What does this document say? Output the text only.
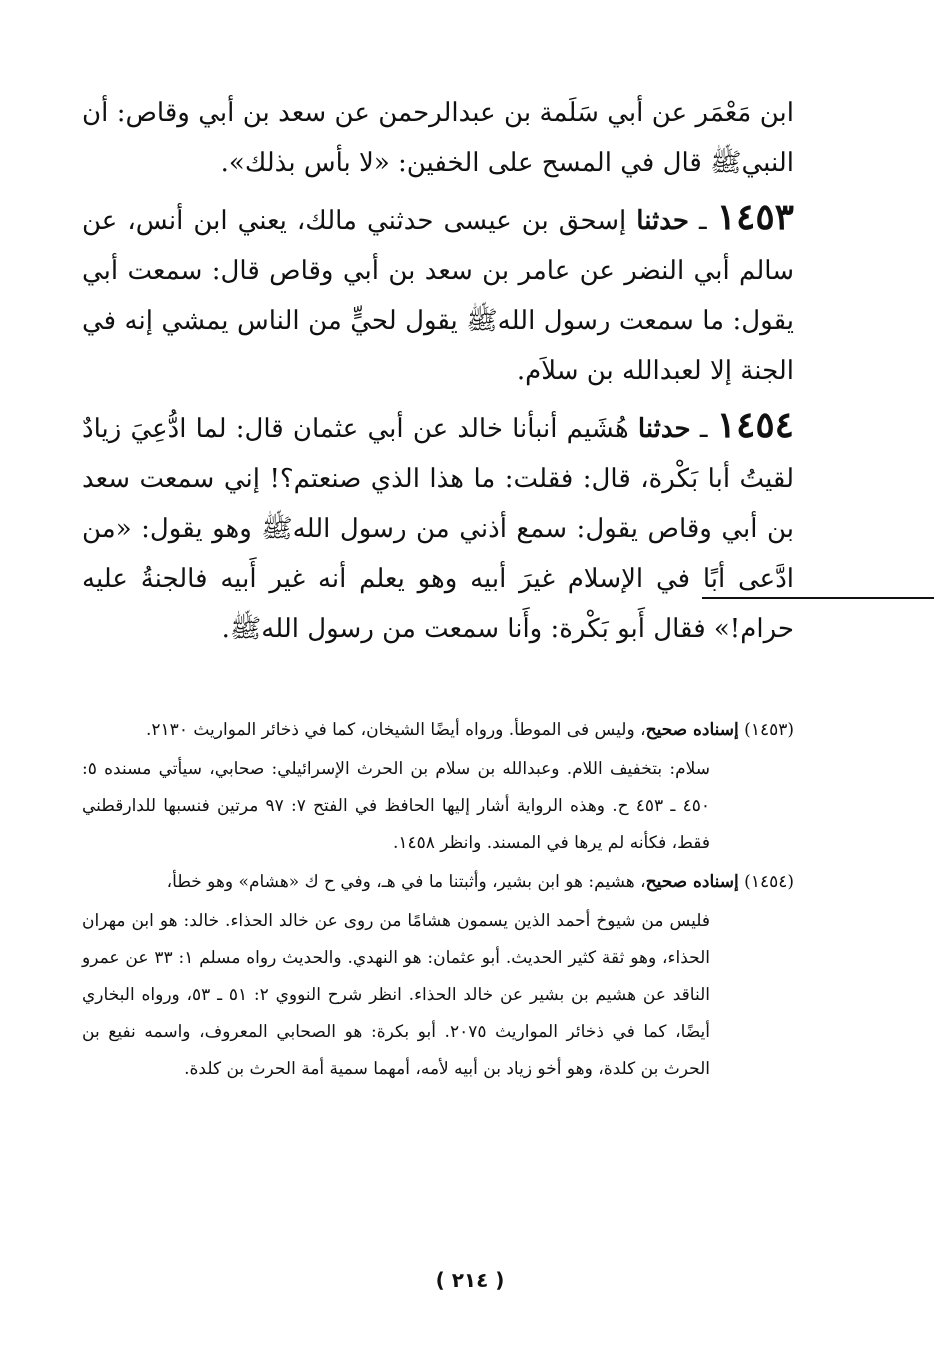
ابن مَعْمَر عن أبي سَلَمة بن عبدالرحمن عن سعد بن أبي وقاص: أن النبيﷺ قال في المسح على الخفين: «لا بأس بذلك».

١٤٥٣ ـ حدثنا إسحق بن عيسى حدثني مالك، يعني ابن أنس، عن سالم أبي النضر عن عامر بن سعد بن أبي وقاص قال: سمعت أبي يقول: ما سمعت رسول اللهﷺ يقول لحيٍّ من الناس يمشي إنه في الجنة إلا لعبدالله بن سلاَم.

١٤٥٤ ـ حدثنا هُشَيم أنبأنا خالد عن أبي عثمان قال: لما ادُّعِيَ زيادٌ لقيتُ أبا بَكْرة، قال: فقلت: ما هذا الذي صنعتم؟! إني سمعت سعد بن أبي وقاص يقول: سمع أذني من رسول اللهﷺ وهو يقول: «من ادَّعى أبًا في الإسلام غيرَ أبيه وهو يعلم أنه غير أَبيه فالجنةُ عليه حرام!» فقال أَبو بَكْرة: وأَنا سمعت من رسول اللهﷺ.

(١٤٥٣) إسناده صحيح، وليس فى الموطأ. ورواه أيضًا الشيخان، كما في ذخائر المواريث ٢١٣٠.

سلام: بتخفيف اللام. وعبدالله بن سلام بن الحرث الإسرائيلي: صحابي، سيأتي مسنده ٥: ٤٥٠ ـ ٤٥٣ ح. وهذه الرواية أشار إليها الحافظ في الفتح ٧: ٩٧ مرتين فنسبها للدارقطني فقط، فكأنه لم يرها في المسند. وانظر ١٤٥٨.

(١٤٥٤) إسناده صحيح، هشيم: هو ابن بشير، وأثبتنا ما في هـ، وفي ح ك «هشام» وهو خطأ،

فليس من شيوخ أحمد الذين يسمون هشامًا من روى عن خالد الحذاء. خالد: هو ابن مهران الحذاء، وهو ثقة كثير الحديث. أبو عثمان: هو النهدي. والحديث رواه مسلم ١: ٣٣ عن عمرو الناقد عن هشيم بن بشير عن خالد الحذاء. انظر شرح النووي ٢: ٥١ ـ ٥٣، ورواه البخاري أيضًا، كما في ذخائر المواريث ٢٠٧٥. أبو بكرة: هو الصحابي المعروف، واسمه نفيع بن الحرث بن كلدة، وهو أخو زياد بن أبيه لأمه، أمهما سمية أمة الحرث بن كلدة.

( ٢١٤ )
